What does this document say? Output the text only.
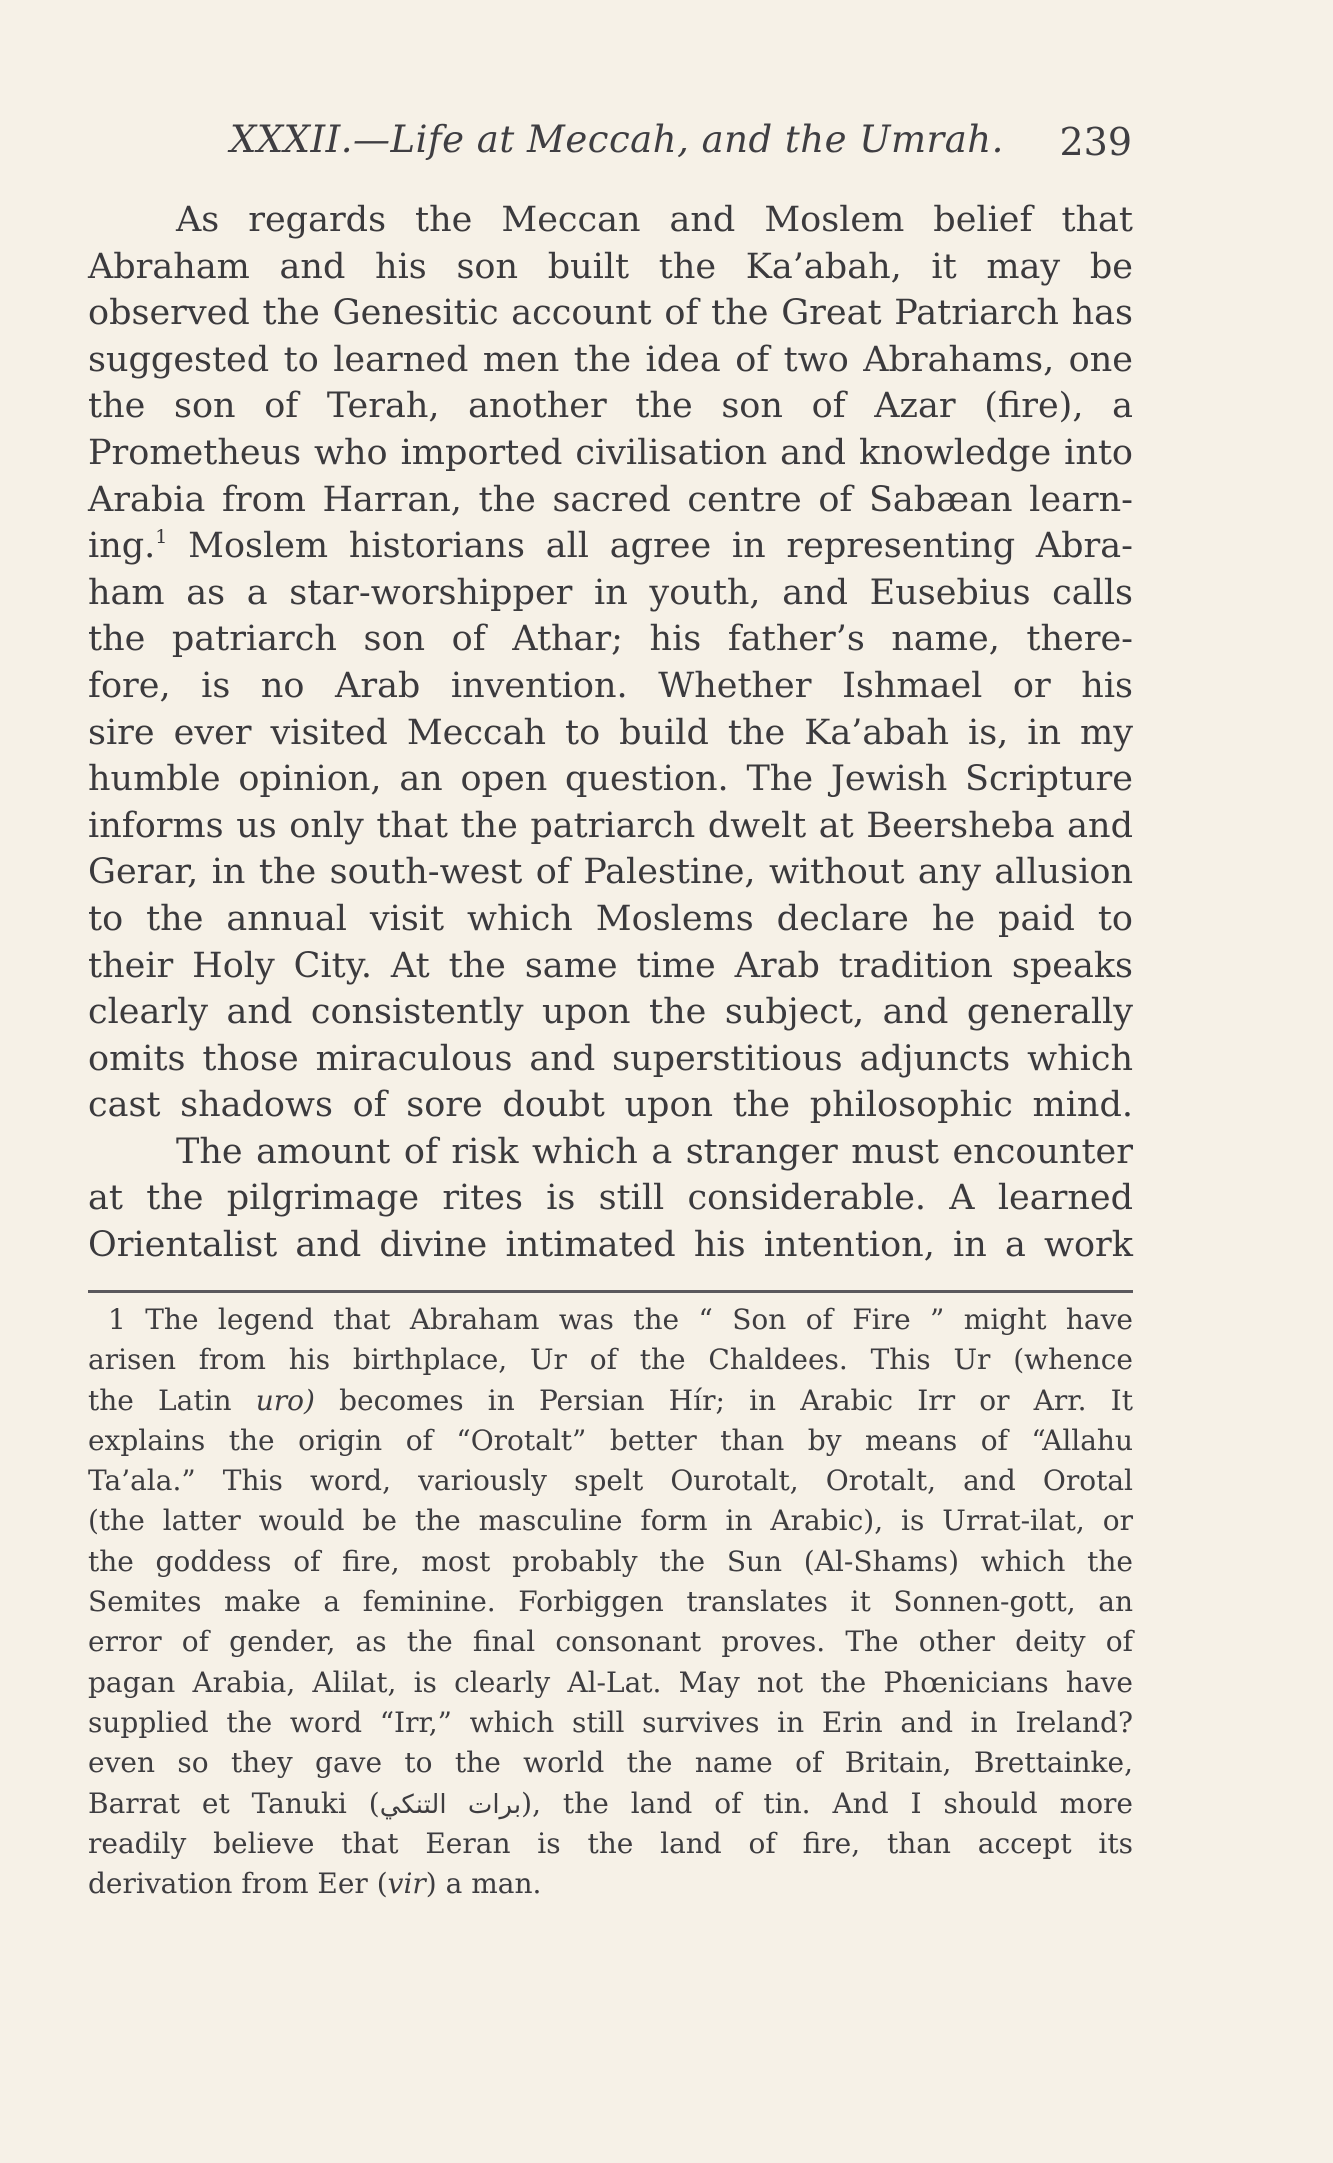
XXXII.—Life at Meccah, and the Umrah. 239
As regards the Meccan and Moslem belief that
Abraham and his son built the Ka’abah, it may be
observed the Genesitic account of the Great Patriarch has
suggested to learned men the idea of two Abrahams, one
the son of Terah, another the son of Azar (fire), a
Prometheus who imported civilisation and knowledge into
Arabia from Harran, the sacred centre of Sabæan learn-
ing.$^1$ Moslem historians all agree in representing Abra-
ham as a star-worshipper in youth, and Eusebius calls
the patriarch son of Athar; his father’s name, there-
fore, is no Arab invention. Whether Ishmael or his
sire ever visited Meccah to build the Ka’abah is, in my
humble opinion, an open question. The Jewish Scripture
informs us only that the patriarch dwelt at Beersheba and
Gerar, in the south-west of Palestine, without any allusion
to the annual visit which Moslems declare he paid to
their Holy City. At the same time Arab tradition speaks
clearly and consistently upon the subject, and generally
omits those miraculous and superstitious adjuncts which
cast shadows of sore doubt upon the philosophic mind.
The amount of risk which a stranger must encounter
at the pilgrimage rites is still considerable. A learned
Orientalist and divine intimated his intention, in a work
1 The legend that Abraham was the “ Son of Fire ” might have
arisen from his birthplace, Ur of the Chaldees. This Ur (whence
the Latin uro) becomes in Persian Hír; in Arabic Irr or Arr. It
explains the origin of “Orotalt” better than by means of “Allahu
Ta’ala.” This word, variously spelt Ourotalt, Orotalt, and Orotal
(the latter would be the masculine form in Arabic), is Urrat-ilat, or
the goddess of fire, most probably the Sun (Al-Shams) which the
Semites make a feminine. Forbiggen translates it Sonnen-gott, an
error of gender, as the final consonant proves. The other deity of
pagan Arabia, Alilat, is clearly Al-Lat. May not the Phœnicians have
supplied the word “Irr,” which still survives in Erin and in Ireland?
even so they gave to the world the name of Britain, Brettainke,
Barrat et Tanuki (برات التنكي), the land of tin. And I should more
readily believe that Eeran is the land of fire, than accept its
derivation from Eer (vir) a man.
